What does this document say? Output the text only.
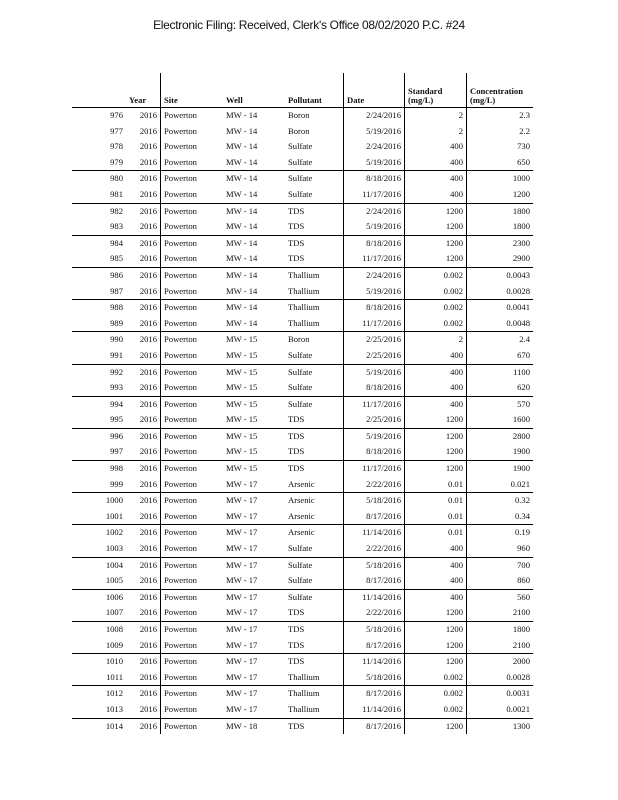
Electronic Filing: Received, Clerk's Office 08/02/2020 P.C. #24
	Year	Site	Well	Pollutant	Date	Standard (mg/L)	Concentration (mg/L)
976	2016	Powerton	MW - 14	Boron	2/24/2016	2	2.3
977	2016	Powerton	MW - 14	Boron	5/19/2016	2	2.2
978	2016	Powerton	MW - 14	Sulfate	2/24/2016	400	730
979	2016	Powerton	MW - 14	Sulfate	5/19/2016	400	650
980	2016	Powerton	MW - 14	Sulfate	8/18/2016	400	1000
981	2016	Powerton	MW - 14	Sulfate	11/17/2016	400	1200
982	2016	Powerton	MW - 14	TDS	2/24/2016	1200	1800
983	2016	Powerton	MW - 14	TDS	5/19/2016	1200	1800
984	2016	Powerton	MW - 14	TDS	8/18/2016	1200	2300
985	2016	Powerton	MW - 14	TDS	11/17/2016	1200	2900
986	2016	Powerton	MW - 14	Thallium	2/24/2016	0.002	0.0043
987	2016	Powerton	MW - 14	Thallium	5/19/2016	0.002	0.0028
988	2016	Powerton	MW - 14	Thallium	8/18/2016	0.002	0.0041
989	2016	Powerton	MW - 14	Thallium	11/17/2016	0.002	0.0048
990	2016	Powerton	MW - 15	Boron	2/25/2016	2	2.4
991	2016	Powerton	MW - 15	Sulfate	2/25/2016	400	670
992	2016	Powerton	MW - 15	Sulfate	5/19/2016	400	1100
993	2016	Powerton	MW - 15	Sulfate	8/18/2016	400	620
994	2016	Powerton	MW - 15	Sulfate	11/17/2016	400	570
995	2016	Powerton	MW - 15	TDS	2/25/2016	1200	1600
996	2016	Powerton	MW - 15	TDS	5/19/2016	1200	2800
997	2016	Powerton	MW - 15	TDS	8/18/2016	1200	1900
998	2016	Powerton	MW - 15	TDS	11/17/2016	1200	1900
999	2016	Powerton	MW - 17	Arsenic	2/22/2016	0.01	0.021
1000	2016	Powerton	MW - 17	Arsenic	5/18/2016	0.01	0.32
1001	2016	Powerton	MW - 17	Arsenic	8/17/2016	0.01	0.34
1002	2016	Powerton	MW - 17	Arsenic	11/14/2016	0.01	0.19
1003	2016	Powerton	MW - 17	Sulfate	2/22/2016	400	960
1004	2016	Powerton	MW - 17	Sulfate	5/18/2016	400	700
1005	2016	Powerton	MW - 17	Sulfate	8/17/2016	400	860
1006	2016	Powerton	MW - 17	Sulfate	11/14/2016	400	560
1007	2016	Powerton	MW - 17	TDS	2/22/2016	1200	2100
1008	2016	Powerton	MW - 17	TDS	5/18/2016	1200	1800
1009	2016	Powerton	MW - 17	TDS	8/17/2016	1200	2100
1010	2016	Powerton	MW - 17	TDS	11/14/2016	1200	2000
1011	2016	Powerton	MW - 17	Thallium	5/18/2016	0.002	0.0028
1012	2016	Powerton	MW - 17	Thallium	8/17/2016	0.002	0.0031
1013	2016	Powerton	MW - 17	Thallium	11/14/2016	0.002	0.0021
1014	2016	Powerton	MW - 18	TDS	8/17/2016	1200	1300
